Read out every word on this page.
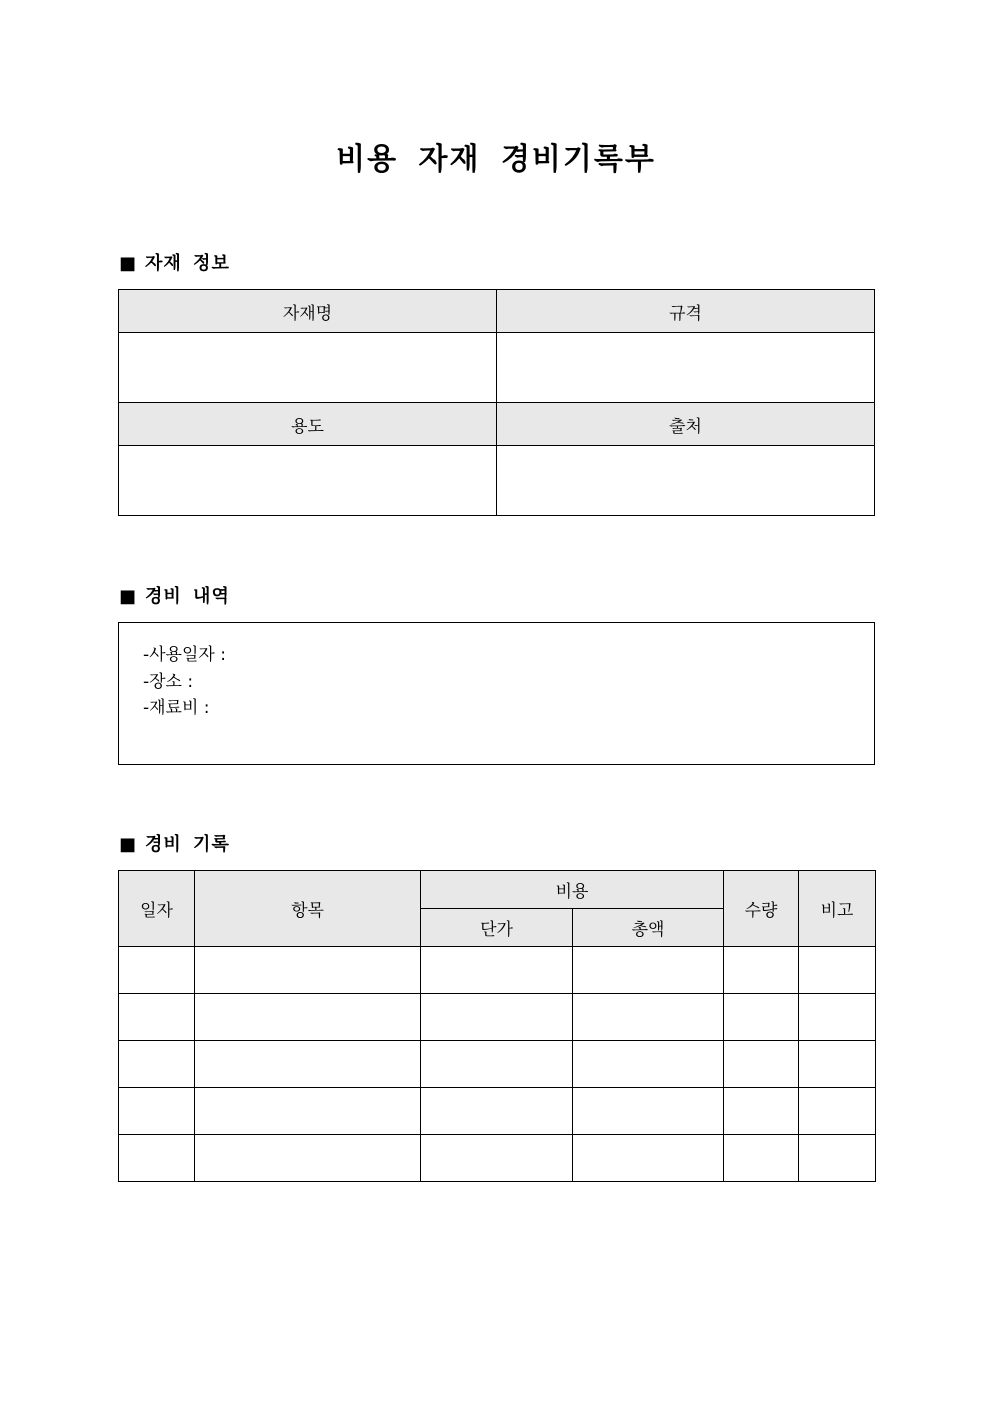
비용 자재 경비기록부
■ 자재 정보
자재명	규격

용도	출처

■ 경비 내역
-사용일자 :
-장소 :
-재료비 :
■ 경비 기록
일자	항목	비용		수량	비고
		단가	총액		
